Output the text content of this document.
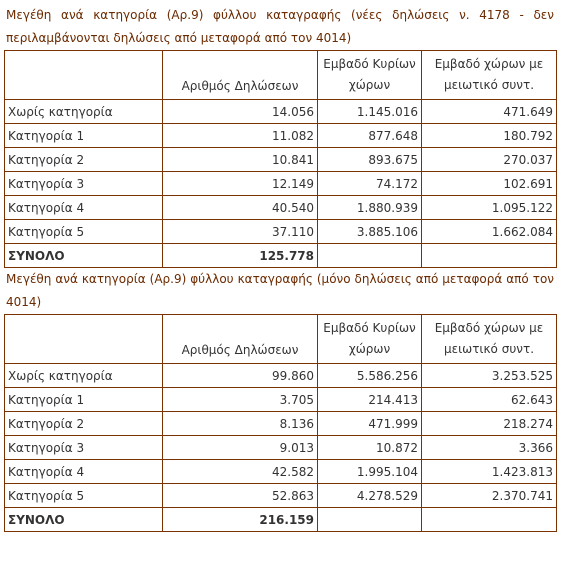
Μεγέθη ανά κατηγορία (Αρ.9) φύλλου καταγραφής (νέες δηλώσεις ν. 4178 - δεν περιλαμβάνονται δηλώσεις από μεταφορά από τον 4014)
	Αριθμός Δηλώσεων	Εμβαδό Κυρίων χώρων	Εμβαδό χώρων με μειωτικό συντ.
Χωρίς κατηγορία	14.056	1.145.016	471.649
Κατηγορία 1	11.082	877.648	180.792
Κατηγορία 2	10.841	893.675	270.037
Κατηγορία 3	12.149	74.172	102.691
Κατηγορία 4	40.540	1.880.939	1.095.122
Κατηγορία 5	37.110	3.885.106	1.662.084
ΣΥΝΟΛΟ	125.778		
Μεγέθη ανά κατηγορία (Αρ.9) φύλλου καταγραφής (μόνο δηλώσεις από μεταφορά από τον 4014)
	Αριθμός Δηλώσεων	Εμβαδό Κυρίων χώρων	Εμβαδό χώρων με μειωτικό συντ.
Χωρίς κατηγορία	99.860	5.586.256	3.253.525
Κατηγορία 1	3.705	214.413	62.643
Κατηγορία 2	8.136	471.999	218.274
Κατηγορία 3	9.013	10.872	3.366
Κατηγορία 4	42.582	1.995.104	1.423.813
Κατηγορία 5	52.863	4.278.529	2.370.741
ΣΥΝΟΛΟ	216.159		
